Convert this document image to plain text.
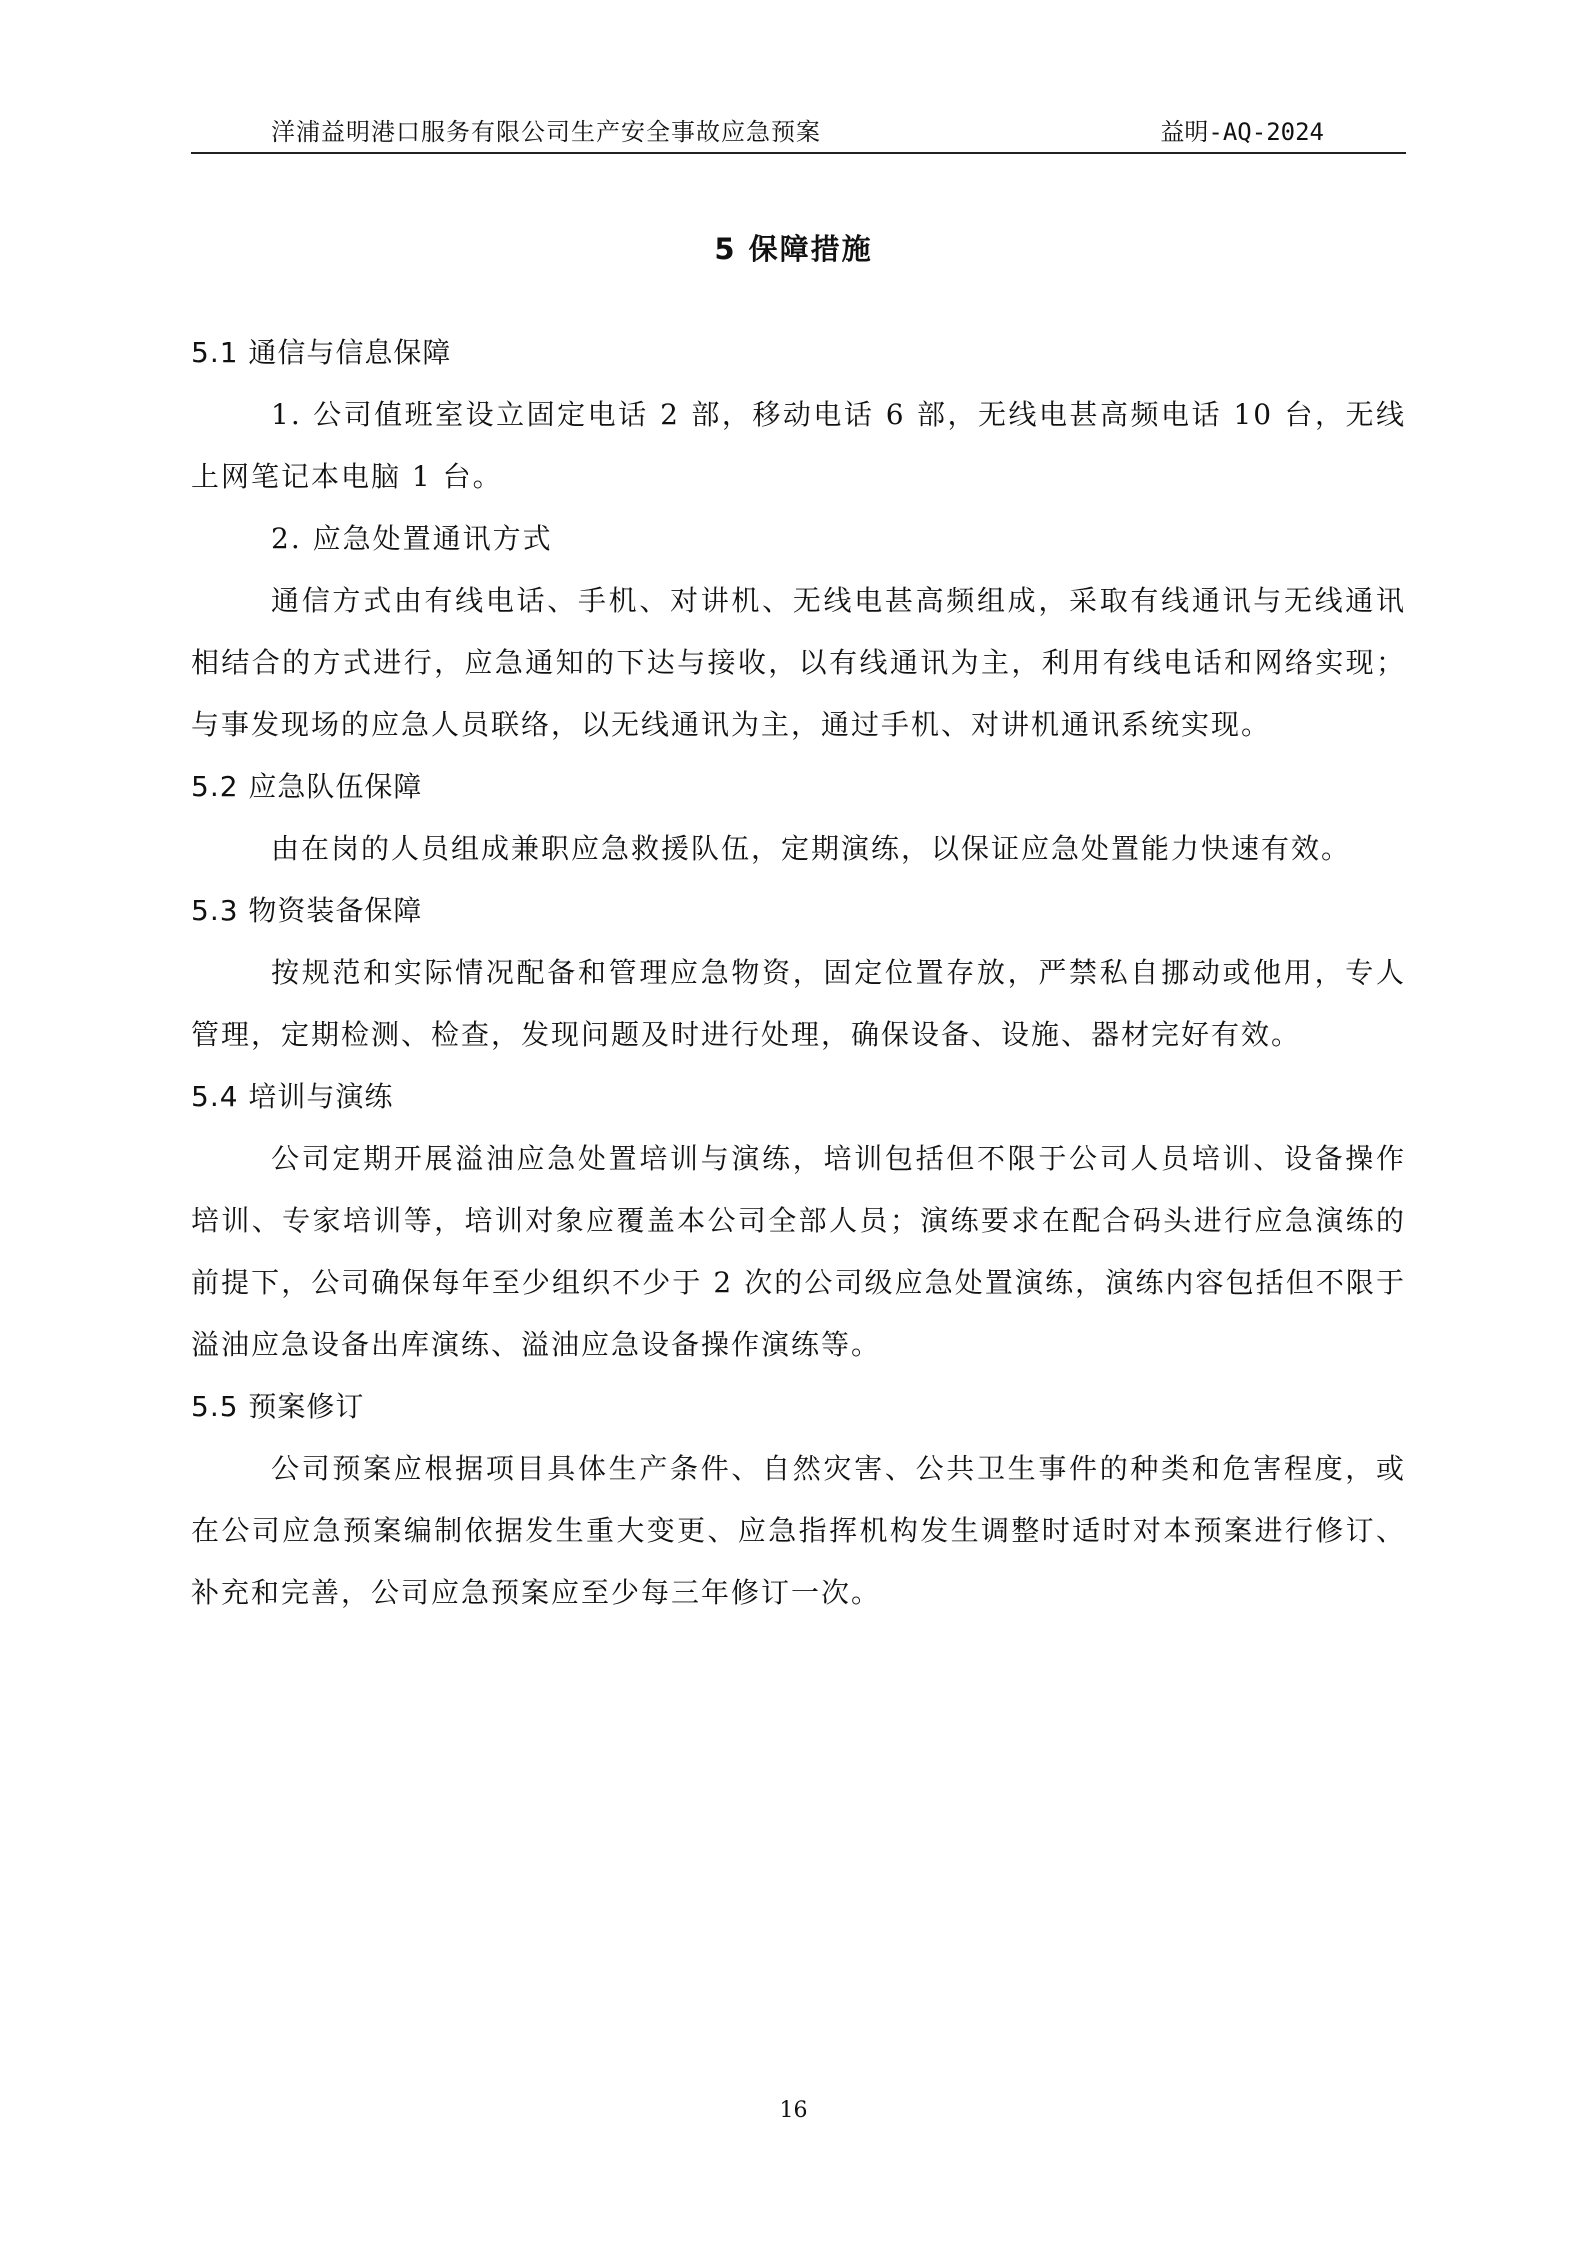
洋浦益明港口服务有限公司生产安全事故应急预案	益明-AQ-2024
5 保障措施
5.1 通信与信息保障

1. 公司值班室设立固定电话 2 部，移动电话 6 部，无线电甚高频电话 10 台，无线上网笔记本电脑 1 台。

2. 应急处置通讯方式

通信方式由有线电话、手机、对讲机、无线电甚高频组成，采取有线通讯与无线通讯相结合的方式进行，应急通知的下达与接收，以有线通讯为主，利用有线电话和网络实现；与事发现场的应急人员联络，以无线通讯为主，通过手机、对讲机通讯系统实现。

5.2 应急队伍保障

由在岗的人员组成兼职应急救援队伍，定期演练，以保证应急处置能力快速有效。

5.3 物资装备保障

按规范和实际情况配备和管理应急物资，固定位置存放，严禁私自挪动或他用，专人管理，定期检测、检查，发现问题及时进行处理，确保设备、设施、器材完好有效。

5.4 培训与演练

公司定期开展溢油应急处置培训与演练，培训包括但不限于公司人员培训、设备操作培训、专家培训等，培训对象应覆盖本公司全部人员；演练要求在配合码头进行应急演练的前提下，公司确保每年至少组织不少于 2 次的公司级应急处置演练，演练内容包括但不限于溢油应急设备出库演练、溢油应急设备操作演练等。

5.5 预案修订

公司预案应根据项目具体生产条件、自然灾害、公共卫生事件的种类和危害程度，或在公司应急预案编制依据发生重大变更、应急指挥机构发生调整时适时对本预案进行修订、补充和完善，公司应急预案应至少每三年修订一次。

16
